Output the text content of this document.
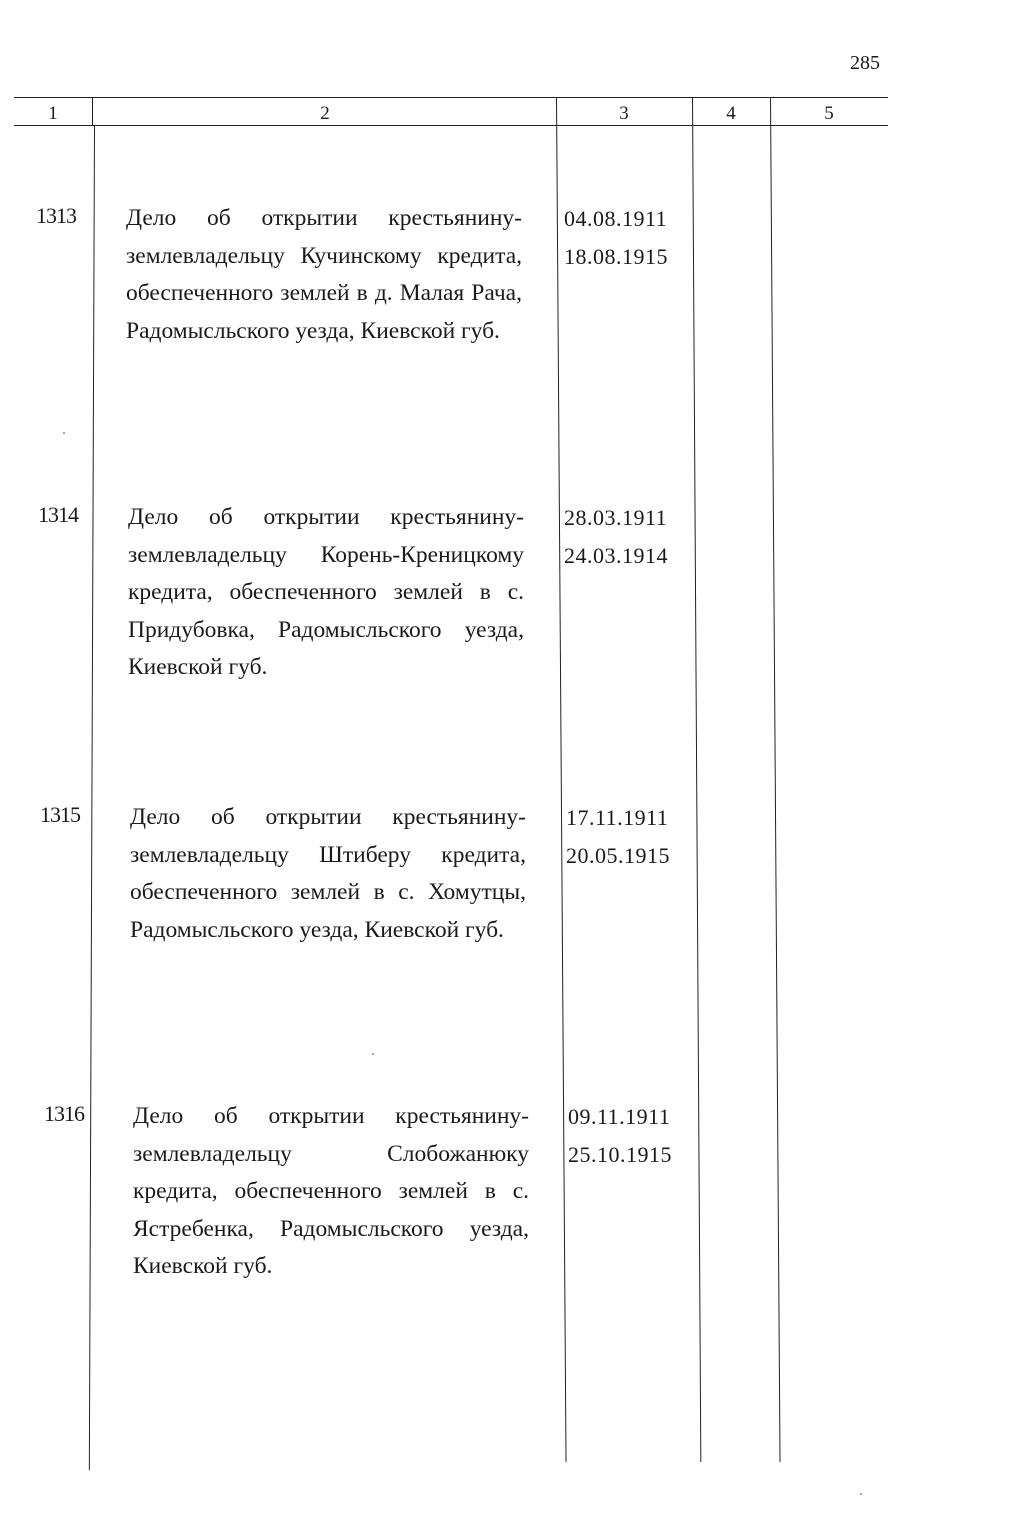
285
1	2	3	4	5
1313 Дело об открытии крестьянину-землевладельцу Кучинскому кредита, обеспеченного землей в д. Малая Рача, Радомысльского уезда, Киевской губ.
04.08.1911
18.08.1915
1314 Дело об открытии крестьянину-землевладельцу Корень-Креницкому кредита, обеспеченного землей в с. Придубовка, Радомысльского уезда, Киевской губ.
28.03.1911
24.03.1914
1315 Дело об открытии крестьянину-землевладельцу Штиберу кредита, обеспеченного землей в с. Хомутцы, Радомысльского уезда, Киевской губ.
17.11.1911
20.05.1915
1316 Дело об открытии крестьянину-землевладельцу Слобожанюку кредита, обеспеченного землей в с. Ястребенка, Радомысльского уезда, Киевской губ.
09.11.1911
25.10.1915
